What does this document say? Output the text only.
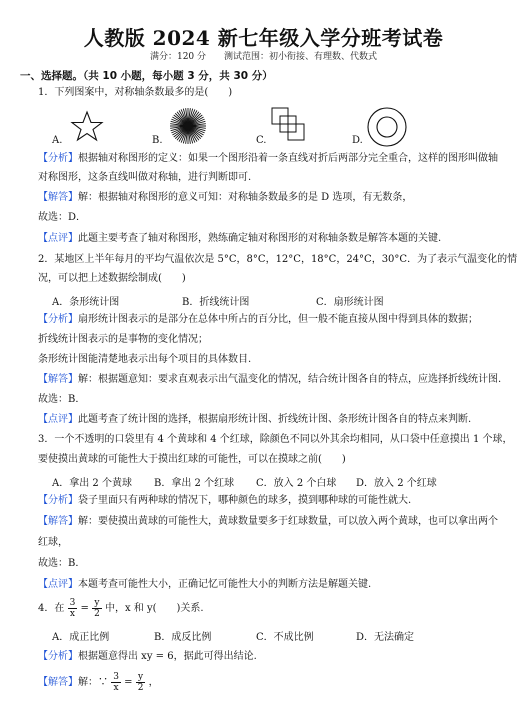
人教版 2024 新七年级入学分班考试卷
满分：120 分　　测试范围：初小衔接、有理数、代数式
一、选择题。（共 10 小题，每小题 3 分，共 30 分）
1．下列图案中，对称轴条数最多的是(　　)
A.	B.	C.	D.
【分析】根据轴对称图形的定义：如果一个图形沿着一条直线对折后两部分完全重合，这样的图形叫做轴
对称图形，这条直线叫做对称轴，进行判断即可.
【解答】解：根据轴对称图形的意义可知：对称轴条数最多的是 D 选项，有无数条，
故选：D．
【点评】此题主要考查了轴对称图形，熟练确定轴对称图形的对称轴条数是解答本题的关键.
2．某地区上半年每月的平均气温依次是 5°C，8°C，12°C，18°C，24°C，30°C．为了表示气温变化的情
况，可以把上述数据绘制成(　　)
A．条形统计图	B．折线统计图	C．扇形统计图
【分析】扇形统计图表示的是部分在总体中所占的百分比，但一般不能直接从图中得到具体的数据；
折线统计图表示的是事物的变化情况；
条形统计图能清楚地表示出每个项目的具体数目.
【解答】解：根据题意知：要求直观表示出气温变化的情况，结合统计图各自的特点，应选择折线统计图.
故选：B．
【点评】此题考查了统计图的选择，根据扇形统计图、折线统计图、条形统计图各自的特点来判断.
3．一个不透明的口袋里有 4 个黄球和 4 个红球，除颜色不同以外其余均相同，从口袋中任意摸出 1 个球，
要使摸出黄球的可能性大于摸出红球的可能性，可以在摸球之前(　　)
A．拿出 2 个黄球 B．拿出 2 个红球 C．放入 2 个白球 D．放入 2 个红球
【分析】袋子里面只有两种球的情况下，哪种颜色的球多，摸到哪种球的可能性就大.
【解答】解：要使摸出黄球的可能性大，黄球数量要多于红球数量，可以放入两个黄球，也可以拿出两个
红球，
故选：B．
【点评】本题考查可能性大小，正确记忆可能性大小的判断方法是解题关键.
4．在 $\frac{3}{x} = \frac{y}{2}$ 中，x 和 y(　　)关系.
A．成正比例	B．成反比例	C．不成比例	D．无法确定
【分析】根据题意得出 xy = 6，据此可得出结论.
【解答】解：∵ $\frac{3}{x} = \frac{y}{2}$ ，
